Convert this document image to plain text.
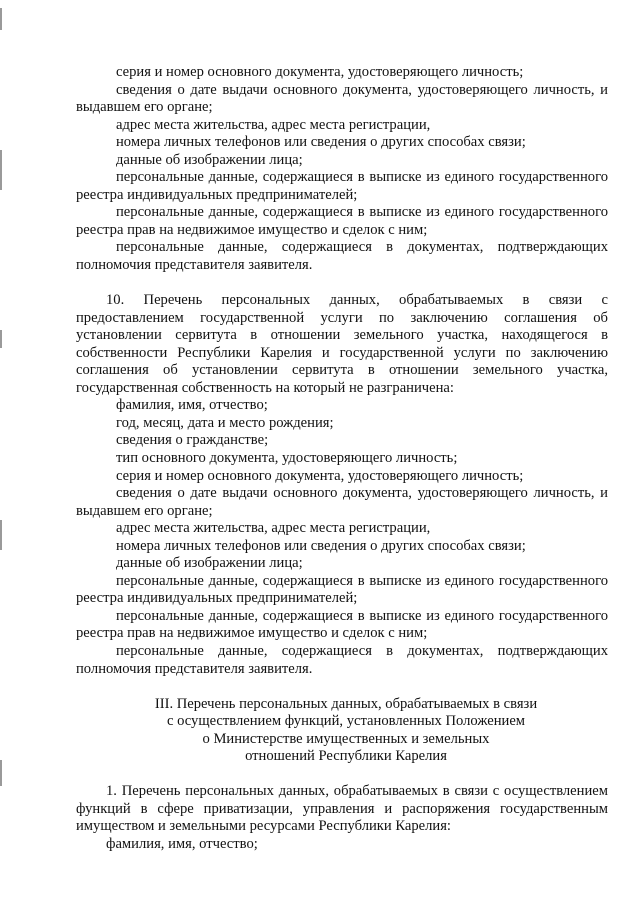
серия и номер основного документа, удостоверяющего личность;

сведения о дате выдачи основного документа, удостоверяющего личность, и выдавшем его органе;

адрес места жительства, адрес места регистрации,

номера личных телефонов или сведения о других способах связи;

данные об изображении лица;

персональные данные, содержащиеся в выписке из единого государственного реестра индивидуальных предпринимателей;

персональные данные, содержащиеся в выписке из единого государственного реестра прав на недвижимое имущество и сделок с ним;

персональные данные, содержащиеся в документах, подтверждающих полномочия представителя заявителя.

10. Перечень персональных данных, обрабатываемых в связи с предоставлением государственной услуги по заключению соглашения об установлении сервитута в отношении земельного участка, находящегося в собственности Республики Карелия и государственной услуги по заключению соглашения об установлении сервитута в отношении земельного участка, государственная собственность на который не разграничена:

фамилия, имя, отчество;

год, месяц, дата и место рождения;

сведения о гражданстве;

тип основного документа, удостоверяющего личность;

серия и номер основного документа, удостоверяющего личность;

сведения о дате выдачи основного документа, удостоверяющего личность, и выдавшем его органе;

адрес места жительства, адрес места регистрации,

номера личных телефонов или сведения о других способах связи;

данные об изображении лица;

персональные данные, содержащиеся в выписке из единого государственного реестра индивидуальных предпринимателей;

персональные данные, содержащиеся в выписке из единого государственного реестра прав на недвижимое имущество и сделок с ним;

персональные данные, содержащиеся в документах, подтверждающих полномочия представителя заявителя.

III. Перечень персональных данных, обрабатываемых в связи
с осуществлением функций, установленных Положением
о Министерстве имущественных и земельных
отношений Республики Карелия

1. Перечень персональных данных, обрабатываемых в связи с осуществлением функций в сфере приватизации, управления и распоряжения государственным имуществом и земельными ресурсами Республики Карелия:

фамилия, имя, отчество;
